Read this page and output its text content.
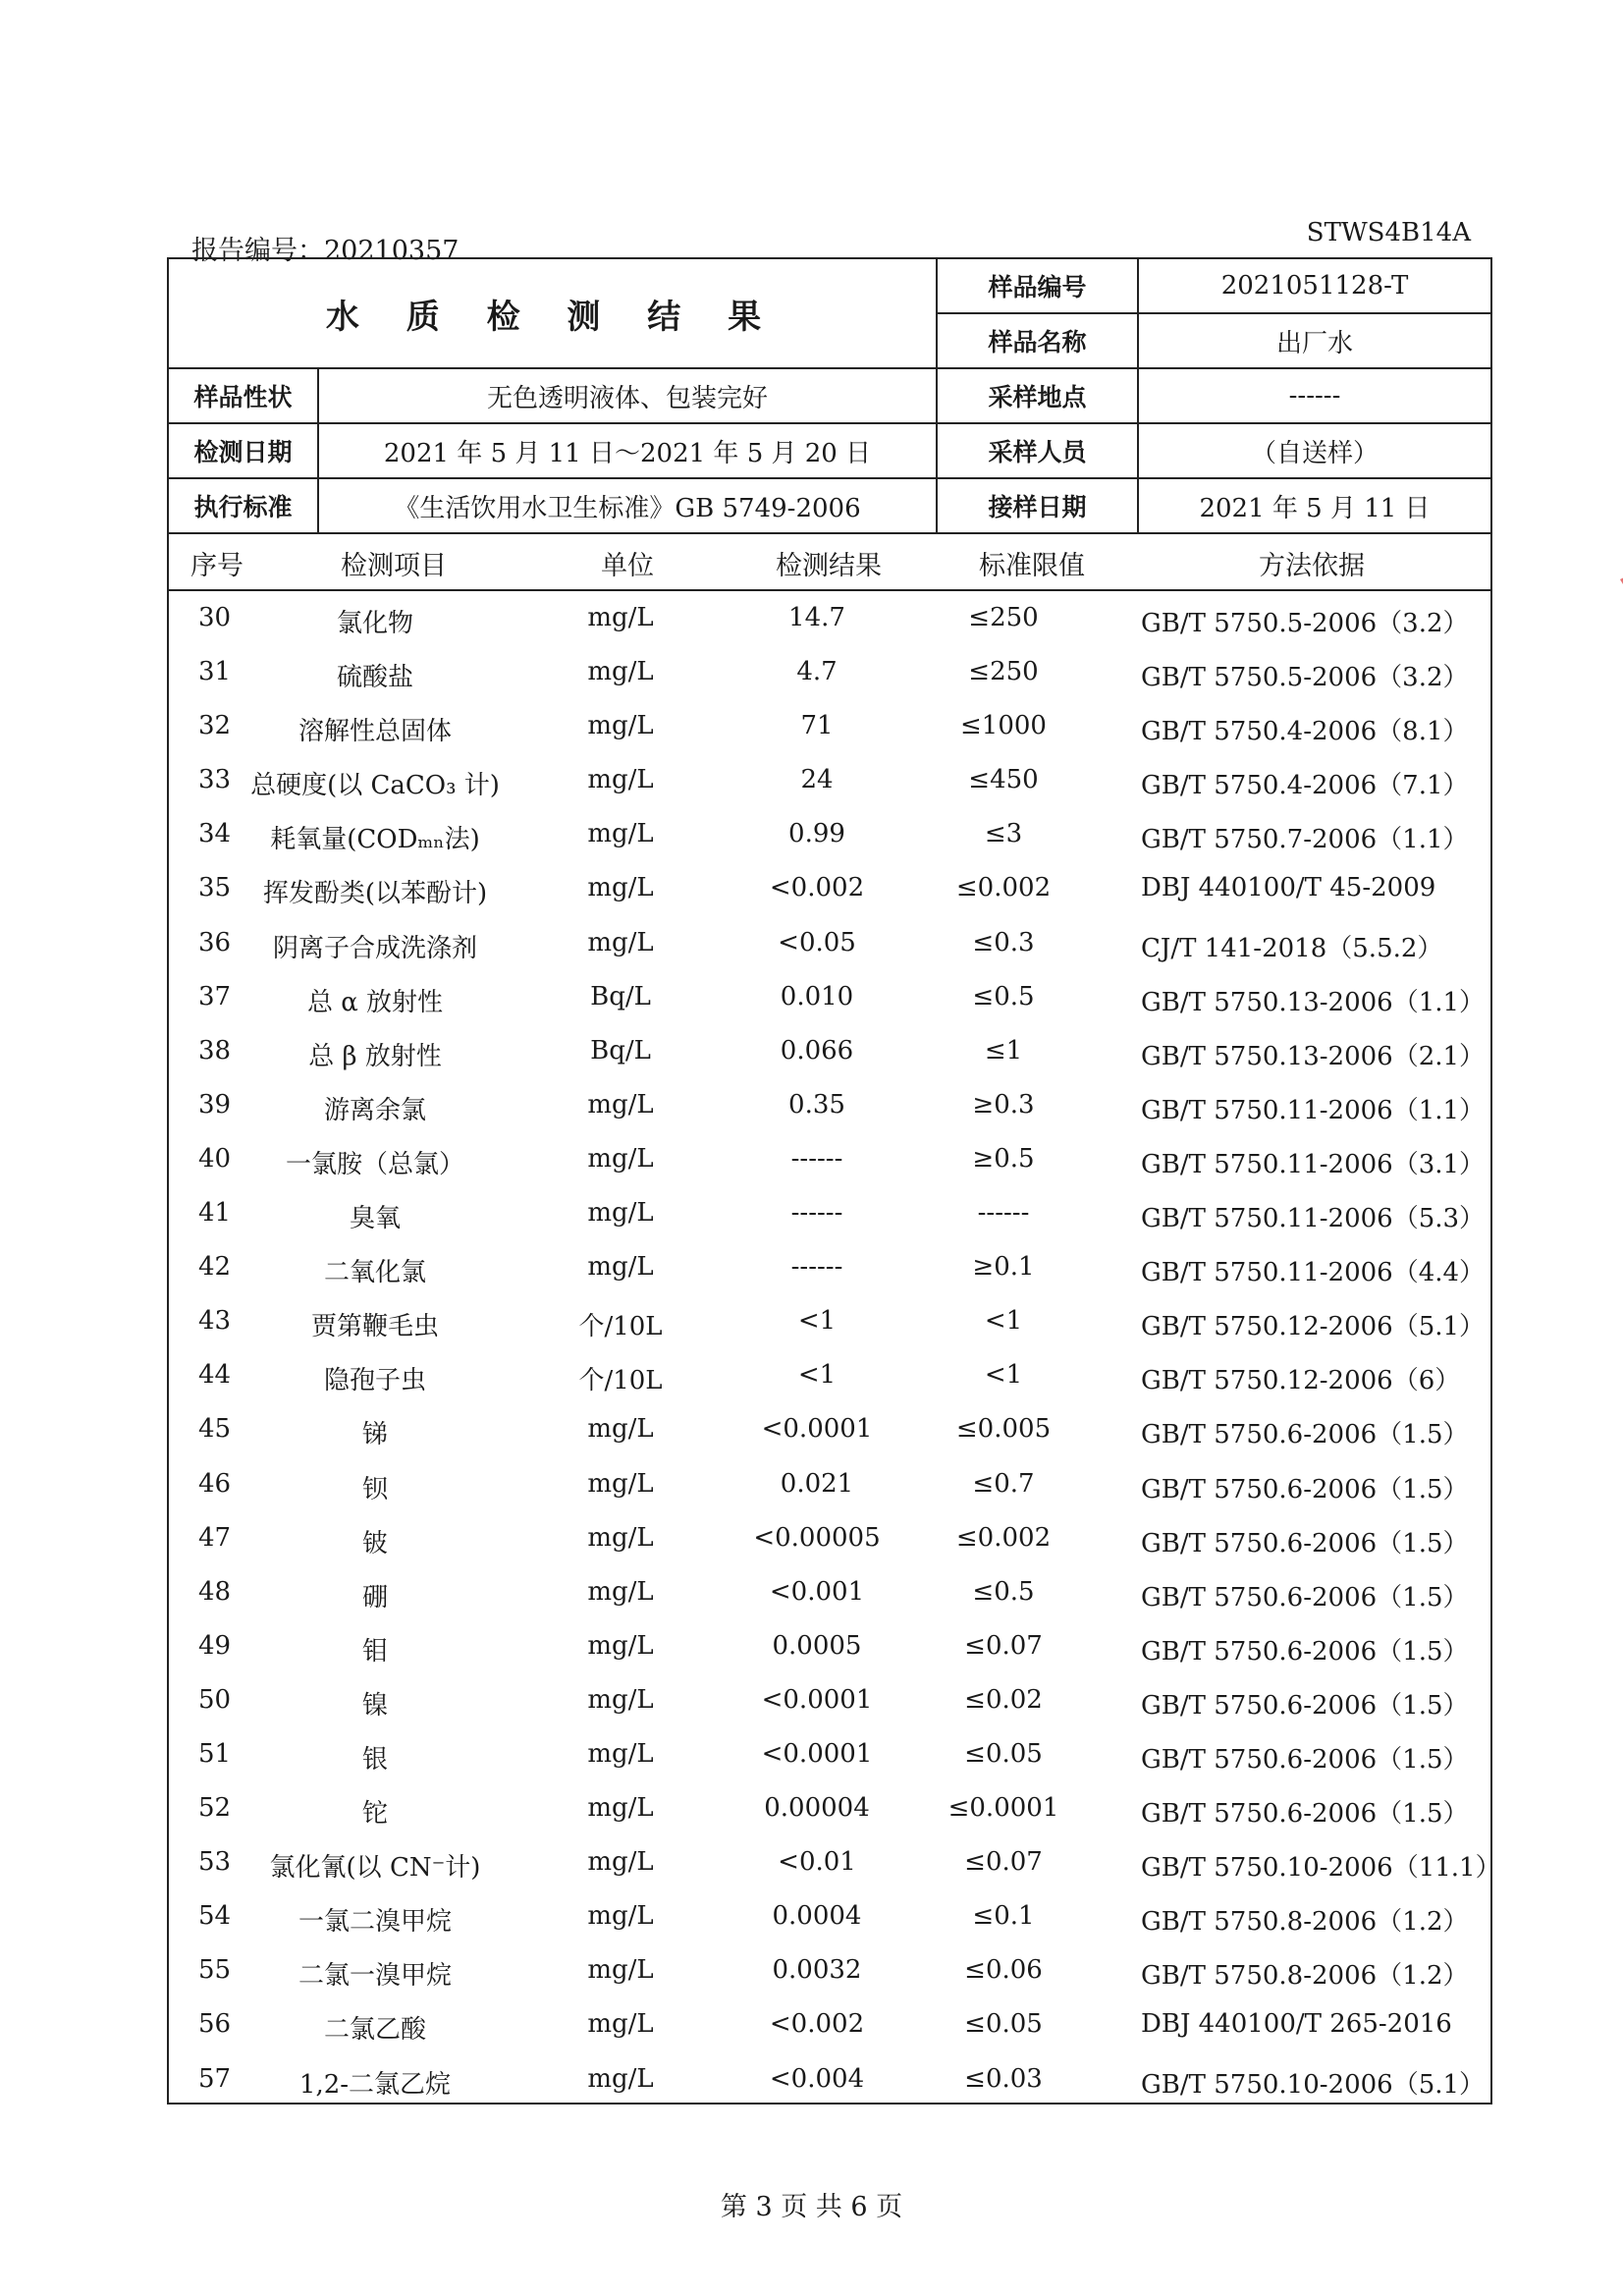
报告编号：20210357
STWS4B14A
水 质 检 测 结 果		样品编号	2021051128-T
		样品名称	出厂水
样品性状	无色透明液体、包装完好	采样地点	------
检测日期	2021 年 5 月 11 日～2021 年 5 月 20 日	采样人员	（自送样）
执行标准	《生活饮用水卫生标准》GB 5749-2006	接样日期	2021 年 5 月 11 日
序号	检测项目	单位	检测结果	标准限值	方法依据
30	氯化物	mg/L	14.7	≤250	GB/T 5750.5-2006（3.2）
31	硫酸盐	mg/L	4.7	≤250	GB/T 5750.5-2006（3.2）
32	溶解性总固体	mg/L	71	≤1000	GB/T 5750.4-2006（8.1）
33 总硬度(以 CaCO₃ 计)	mg/L	24	≤450	GB/T 5750.4-2006（7.1）
34	耗氧量(CODₘₙ法)	mg/L	0.99	≤3	GB/T 5750.7-2006（1.1）
35	挥发酚类(以苯酚计)	mg/L	<0.002	≤0.002	DBJ 440100/T 45-2009
36	阴离子合成洗涤剂	mg/L	<0.05	≤0.3	CJ/T 141-2018（5.5.2）
37	总 α 放射性	Bq/L	0.010	≤0.5	GB/T 5750.13-2006（1.1）
38	总 β 放射性	Bq/L	0.066	≤1	GB/T 5750.13-2006（2.1）
39	游离余氯	mg/L	0.35	≥0.3	GB/T 5750.11-2006（1.1）
40	一氯胺（总氯）	mg/L	------	≥0.5	GB/T 5750.11-2006（3.1）
41	臭氧	mg/L	------	------	GB/T 5750.11-2006（5.3）
42	二氧化氯	mg/L	------	≥0.1	GB/T 5750.11-2006（4.4）
43	贾第鞭毛虫	个/10L	<1	<1	GB/T 5750.12-2006（5.1）
44	隐孢子虫	个/10L	<1	<1	GB/T 5750.12-2006（6）
45	锑	mg/L	<0.0001	≤0.005	GB/T 5750.6-2006（1.5）
46	钡	mg/L	0.021	≤0.7	GB/T 5750.6-2006（1.5）
47	铍	mg/L	<0.00005	≤0.002	GB/T 5750.6-2006（1.5）
48	硼	mg/L	<0.001	≤0.5	GB/T 5750.6-2006（1.5）
49	钼	mg/L	0.0005	≤0.07	GB/T 5750.6-2006（1.5）
50	镍	mg/L	<0.0001	≤0.02	GB/T 5750.6-2006（1.5）
51	银	mg/L	<0.0001	≤0.05	GB/T 5750.6-2006（1.5）
52	铊	mg/L	0.00004	≤0.0001	GB/T 5750.6-2006（1.5）
53	氯化氰(以 CN⁻计)	mg/L	<0.01	≤0.07	GB/T 5750.10-2006（11.1）
54	一氯二溴甲烷	mg/L	0.0004	≤0.1	GB/T 5750.8-2006（1.2）
55	二氯一溴甲烷	mg/L	0.0032	≤0.06	GB/T 5750.8-2006（1.2）
56	二氯乙酸	mg/L	<0.002	≤0.05	DBJ 440100/T 265-2016
57	1,2-二氯乙烷	mg/L	<0.004	≤0.03	GB/T 5750.10-2006（5.1）
第 3 页 共 6 页
